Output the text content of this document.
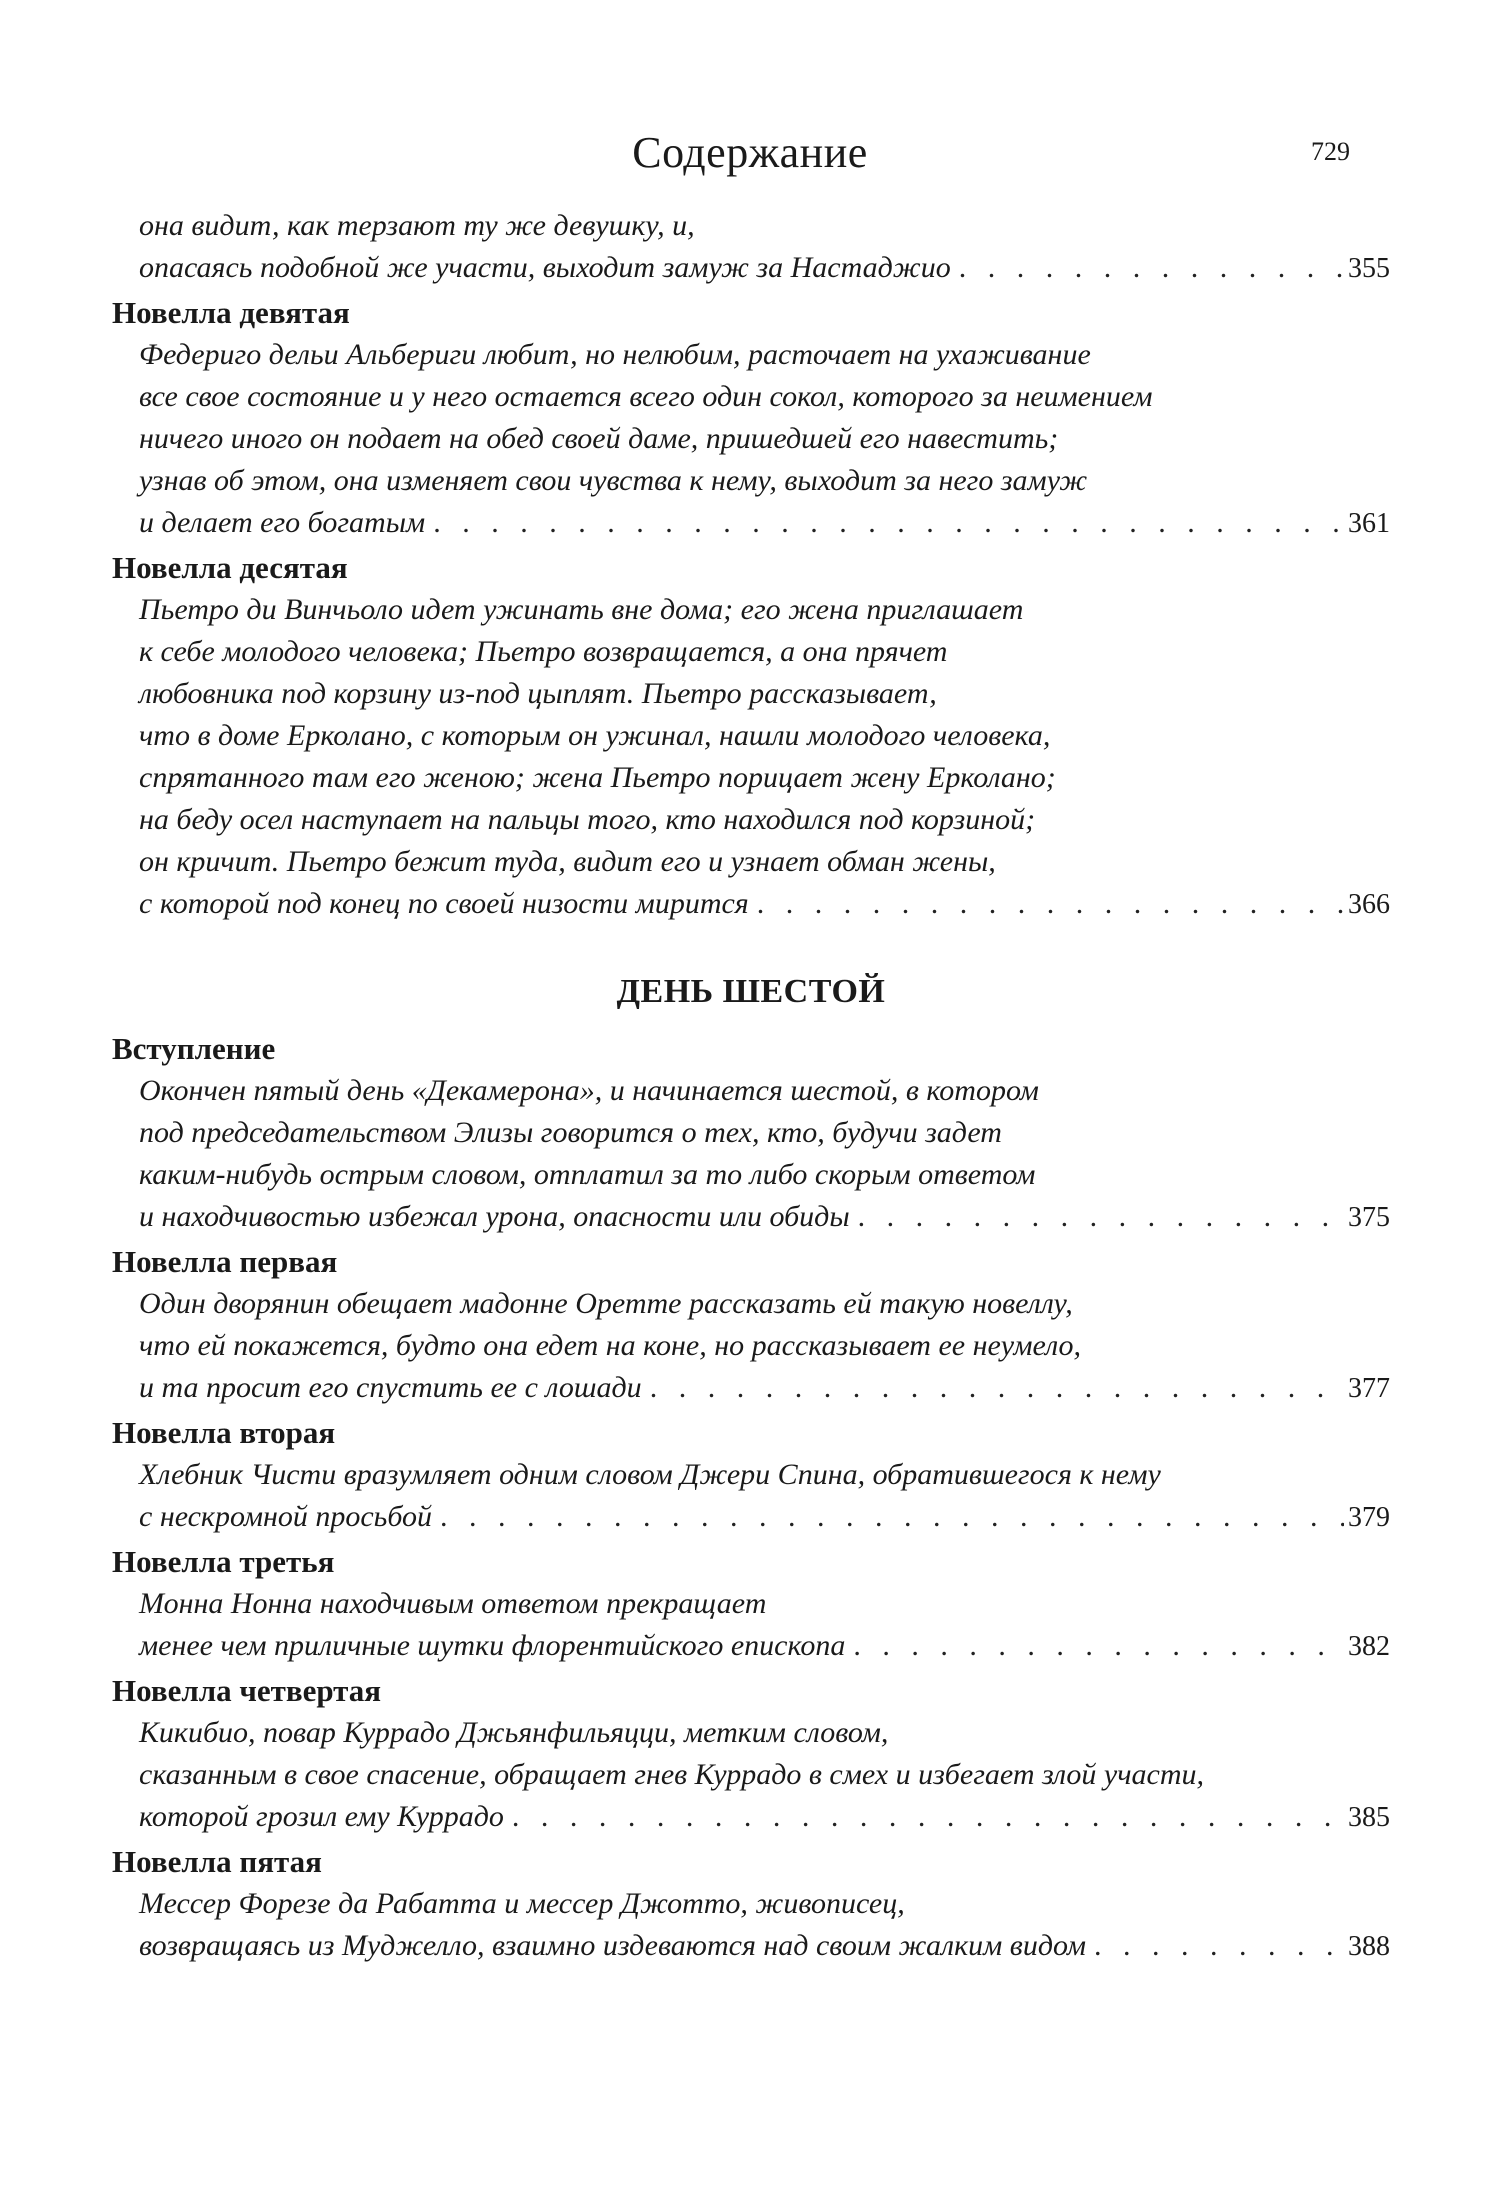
Содержание	729
она видит, как терзают ту же девушку, и,
опасаясь подобной же участи, выходит замуж за Настаджио . . .	355
Новелла девятая
Федериго дельи Альбериги любит, но нелюбим, расточает на ухаживание
все свое состояние и у него остается всего один сокол, которого за неимением
ничего иного он подает на обед своей даме, пришедшей его навестить;
узнав об этом, она изменяет свои чувства к нему, выходит за него замуж
и делает его богатым . . .	361
Новелла десятая
Пьетро ди Винчьоло идет ужинать вне дома; его жена приглашает
к себе молодого человека; Пьетро возвращается, а она прячет
любовника под корзину из-под цыплят. Пьетро рассказывает,
что в доме Ерколано, с которым он ужинал, нашли молодого человека,
спрятанного там его женою; жена Пьетро порицает жену Ерколано;
на беду осел наступает на пальцы того, кто находился под корзиной;
он кричит. Пьетро бежит туда, видит его и узнает обман жены,
с которой под конец по своей низости мирится . . .	366
ДЕНЬ ШЕСТОЙ
Вступление
Окончен пятый день «Декамерона», и начинается шестой, в котором
под председательством Элизы говорится о тех, кто, будучи задет
каким-нибудь острым словом, отплатил за то либо скорым ответом
и находчивостью избежал урона, опасности или обиды . . .	375
Новелла первая
Один дворянин обещает мадонне Оретте рассказать ей такую новеллу,
что ей покажется, будто она едет на коне, но рассказывает ее неумело,
и та просит его спустить ее с лошади . . .	377
Новелла вторая
Хлебник Чисти вразумляет одним словом Джери Спина, обратившегося к нему
с нескромной просьбой . . .	379
Новелла третья
Монна Нонна находчивым ответом прекращает
менее чем приличные шутки флорентийского епископа . . .	382
Новелла четвертая
Кикибио, повар Куррадо Джьянфильяцци, метким словом,
сказанным в свое спасение, обращает гнев Куррадо в смех и избегает злой участи,
которой грозил ему Куррадо . . .	385
Новелла пятая
Мессер Форезе да Рабатта и мессер Джотто, живописец,
возвращаясь из Муджелло, взаимно издеваются над своим жалким видом . . .	388
